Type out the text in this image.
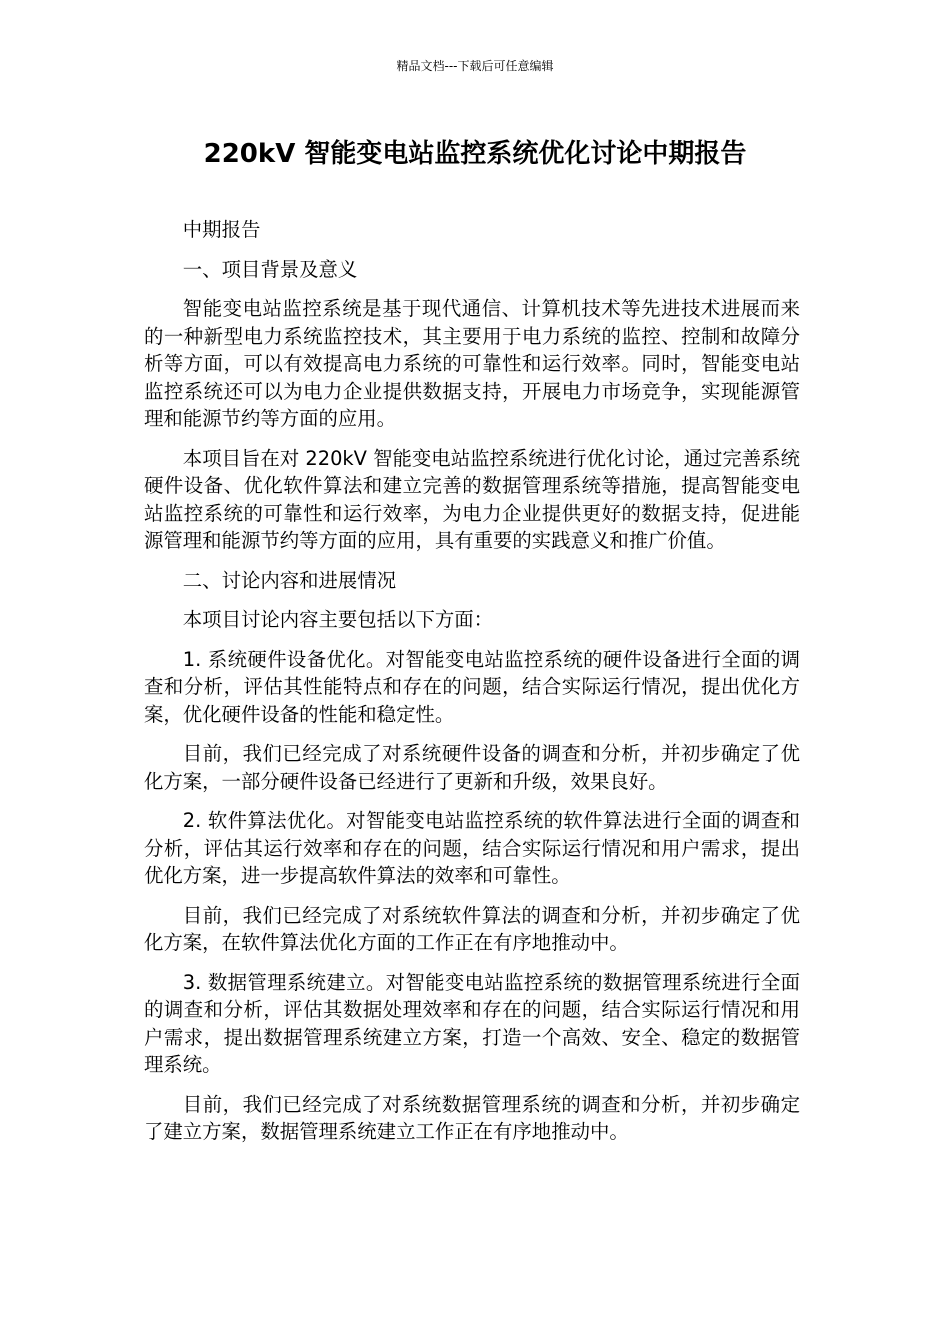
精品文档---下载后可任意编辑
220kV 智能变电站监控系统优化讨论中期报告

中期报告

一、项目背景及意义

智能变电站监控系统是基于现代通信、计算机技术等先进技术进展而来的一种新型电力系统监控技术，其主要用于电力系统的监控、控制和故障分析等方面，可以有效提高电力系统的可靠性和运行效率。同时，智能变电站监控系统还可以为电力企业提供数据支持，开展电力市场竞争，实现能源管理和能源节约等方面的应用。

本项目旨在对 220kV 智能变电站监控系统进行优化讨论，通过完善系统硬件设备、优化软件算法和建立完善的数据管理系统等措施，提高智能变电站监控系统的可靠性和运行效率，为电力企业提供更好的数据支持，促进能源管理和能源节约等方面的应用，具有重要的实践意义和推广价值。

二、讨论内容和进展情况

本项目讨论内容主要包括以下方面：

1. 系统硬件设备优化。对智能变电站监控系统的硬件设备进行全面的调查和分析，评估其性能特点和存在的问题，结合实际运行情况，提出优化方案，优化硬件设备的性能和稳定性。

目前，我们已经完成了对系统硬件设备的调查和分析，并初步确定了优化方案，一部分硬件设备已经进行了更新和升级，效果良好。

2. 软件算法优化。对智能变电站监控系统的软件算法进行全面的调查和分析，评估其运行效率和存在的问题，结合实际运行情况和用户需求，提出优化方案，进一步提高软件算法的效率和可靠性。

目前，我们已经完成了对系统软件算法的调查和分析，并初步确定了优化方案，在软件算法优化方面的工作正在有序地推动中。

3. 数据管理系统建立。对智能变电站监控系统的数据管理系统进行全面的调查和分析，评估其数据处理效率和存在的问题，结合实际运行情况和用户需求，提出数据管理系统建立方案，打造一个高效、安全、稳定的数据管理系统。

目前，我们已经完成了对系统数据管理系统的调查和分析，并初步确定了建立方案，数据管理系统建立工作正在有序地推动中。
